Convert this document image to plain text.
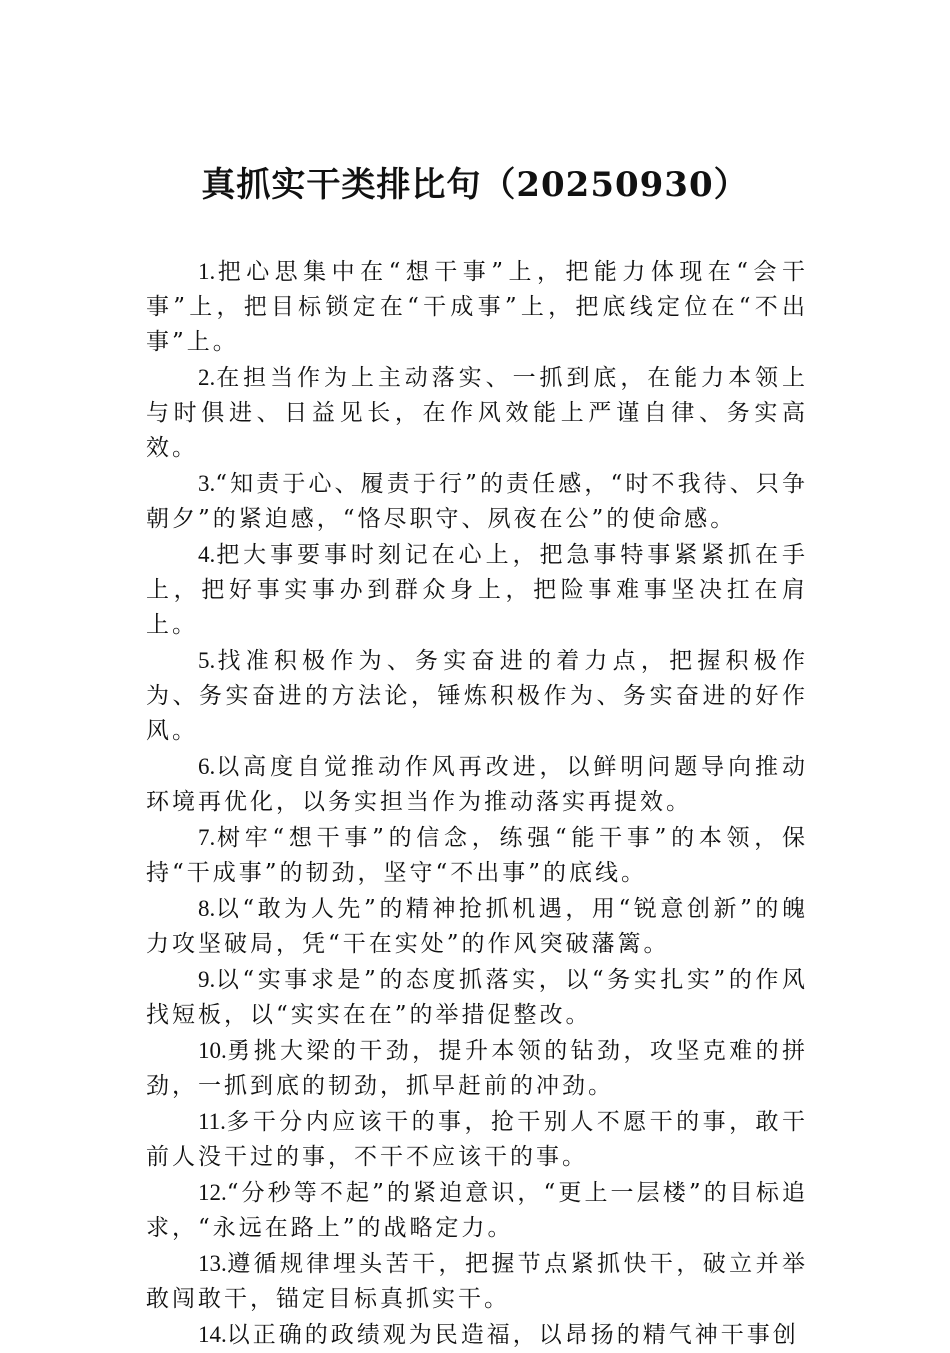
真抓实干类排比句（20250930）
1.把心思集中在“想干事”上，把能力体现在“会干事”上，把目标锁定在“干成事”上，把底线定位在“不出事”上。
2.在担当作为上主动落实、一抓到底，在能力本领上与时俱进、日益见长，在作风效能上严谨自律、务实高效。
3.“知责于心、履责于行”的责任感，“时不我待、只争朝夕”的紧迫感，“恪尽职守、夙夜在公”的使命感。
4.把大事要事时刻记在心上，把急事特事紧紧抓在手上，把好事实事办到群众身上，把险事难事坚决扛在肩上。
5.找准积极作为、务实奋进的着力点，把握积极作为、务实奋进的方法论，锤炼积极作为、务实奋进的好作风。
6.以高度自觉推动作风再改进，以鲜明问题导向推动环境再优化，以务实担当作为推动落实再提效。
7.树牢“想干事”的信念，练强“能干事”的本领，保持“干成事”的韧劲，坚守“不出事”的底线。
8.以“敢为人先”的精神抢抓机遇，用“锐意创新”的魄力攻坚破局，凭“干在实处”的作风突破藩篱。
9.以“实事求是”的态度抓落实，以“务实扎实”的作风找短板，以“实实在在”的举措促整改。
10.勇挑大梁的干劲，提升本领的钻劲，攻坚克难的拼劲，一抓到底的韧劲，抓早赶前的冲劲。
11.多干分内应该干的事，抢干别人不愿干的事，敢干前人没干过的事，不干不应该干的事。
12.“分秒等不起”的紧迫意识，“更上一层楼”的目标追求，“永远在路上”的战略定力。
13.遵循规律埋头苦干，把握节点紧抓快干，破立并举敢闯敢干，锚定目标真抓实干。
14.以正确的政绩观为民造福，以昂扬的精气神干事创
